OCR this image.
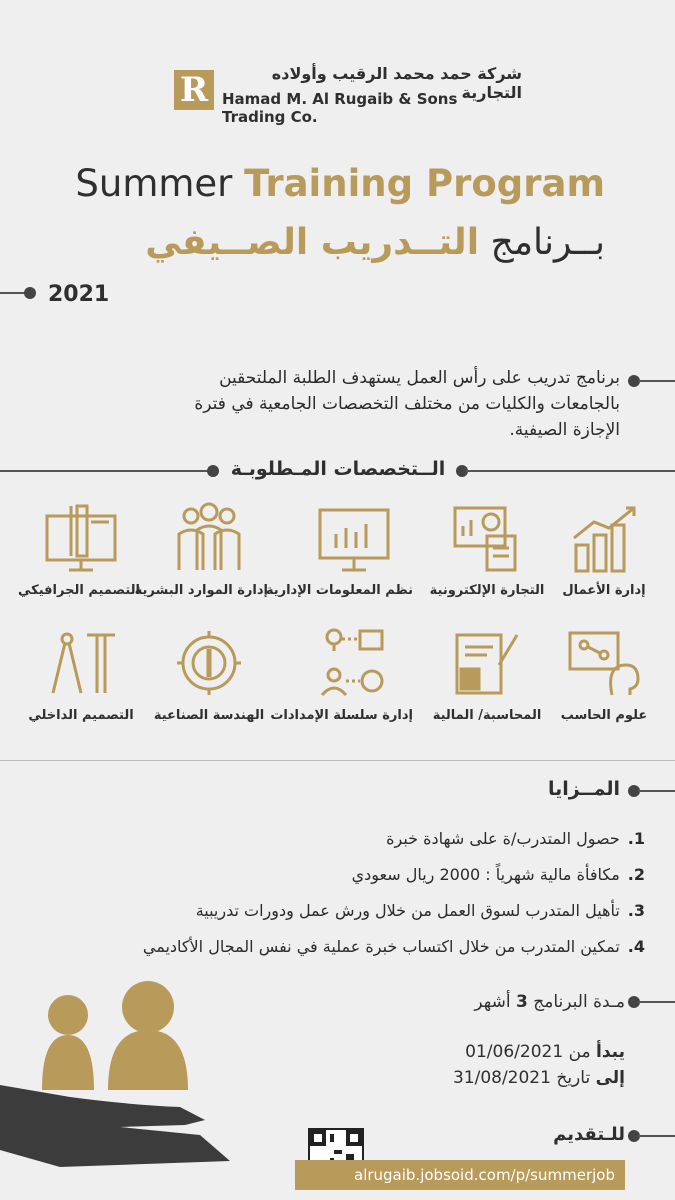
R	شركة حمد محمد الرقيب وأولاده التجارية
Hamad M. Al Rugaib & Sons Trading Co.
Summer Training Program
بــرنامج التــدريب الصــيفي
2021
برنامج تدريب على رأس العمل يستهدف الطلبة الملتحقين بالجامعات والكليات من مختلف التخصصات الجامعية في فترة الإجازة الصيفية.
الــتخصصات المـطلوبـة
إدارة الأعمال
التجارة الإلكترونية
نظم المعلومات الإدارية
إدارة الموارد البشرية
التصميم الجرافيكي
علوم الحاسب
المحاسبة/ المالية
إدارة سلسلة الإمدادات
الهندسة الصناعية
التصميم الداخلي
المــزايا
1.حصول المتدرب/ة على شهادة خبرة
2.مكافأة مالية شهرياً : 2000 ريال سعودي
3.تأهيل المتدرب لسوق العمل من خلال ورش عمل ودورات تدريبية
4.تمكين المتدرب من خلال اكتساب خبرة عملية في نفس المجال الأكاديمي
مـدة البرنامج 3 أشهر
يبدأ من 01/06/2021
إلى تاريخ 31/08/2021
للـتقديم
alrugaib.jobsoid.com/p/summerjob
